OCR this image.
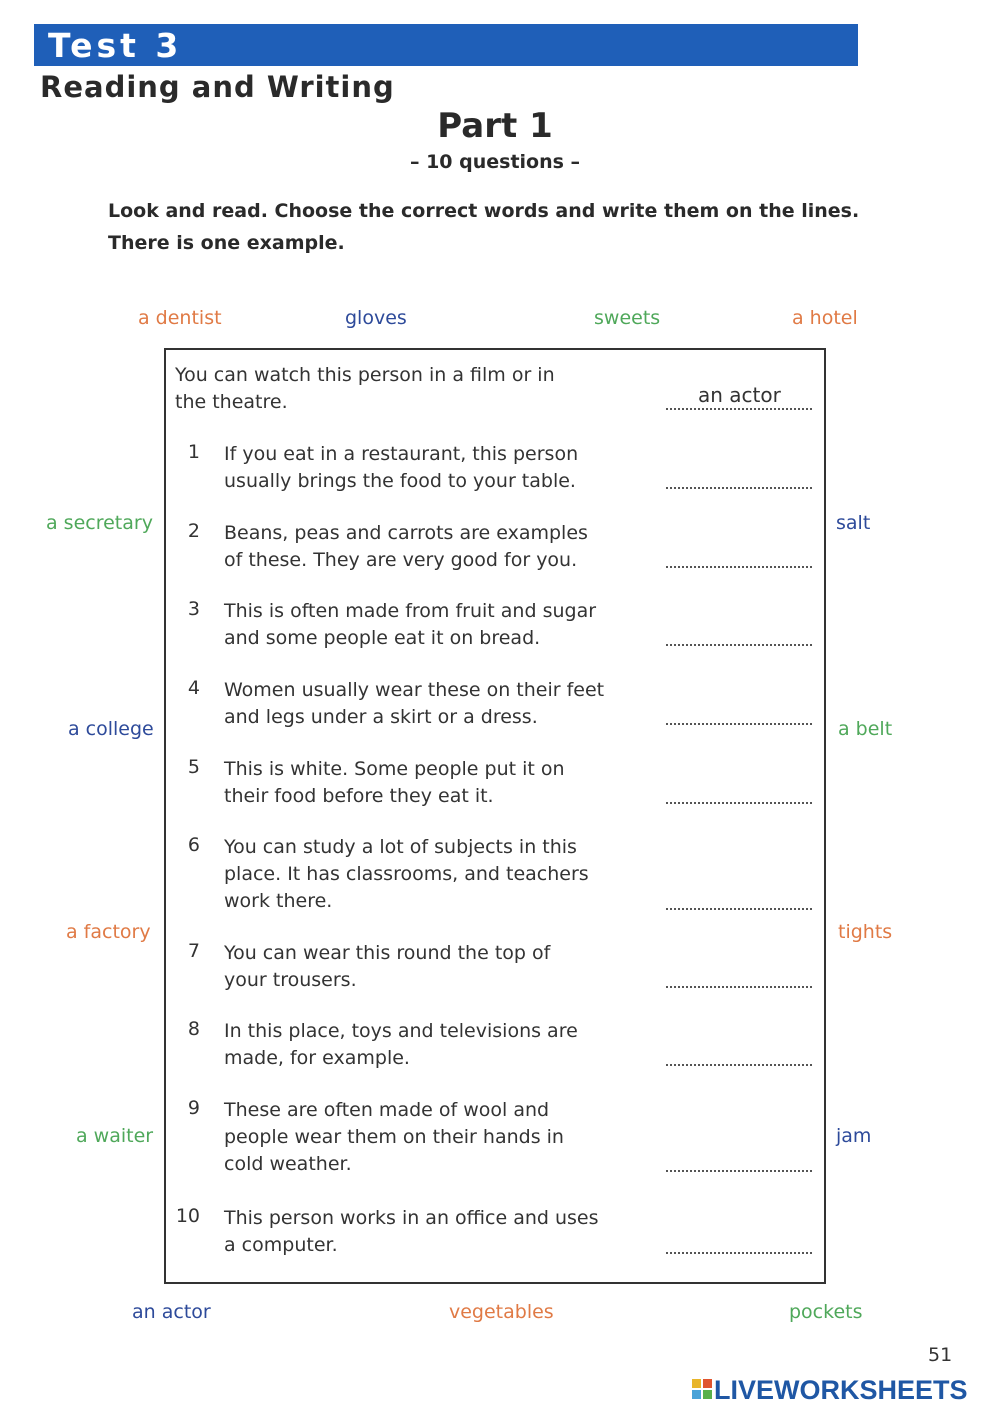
Test 3
Reading and Writing
Part 1
– 10 questions –
Look and read. Choose the correct words and write them on the lines.
There is one example.
a dentist	gloves	sweets	a hotel
a secretary
a college
a factory
a waiter
salt
a belt
tights
jam
an actor	vegetables	pockets
You can watch this person in a film or in
the theatre.	an actor
1 If you eat in a restaurant, this person
usually brings the food to your table.
2 Beans, peas and carrots are examples
of these. They are very good for you.
3 This is often made from fruit and sugar
and some people eat it on bread.
4 Women usually wear these on their feet
and legs under a skirt or a dress.
5 This is white. Some people put it on
their food before they eat it.
6 You can study a lot of subjects in this
place. It has classrooms, and teachers
work there.
7 You can wear this round the top of
your trousers.
8 In this place, toys and televisions are
made, for example.
9 These are often made of wool and
people wear them on their hands in
cold weather.
10 This person works in an office and uses
a computer.
51
LIVEWORKSHEETS
